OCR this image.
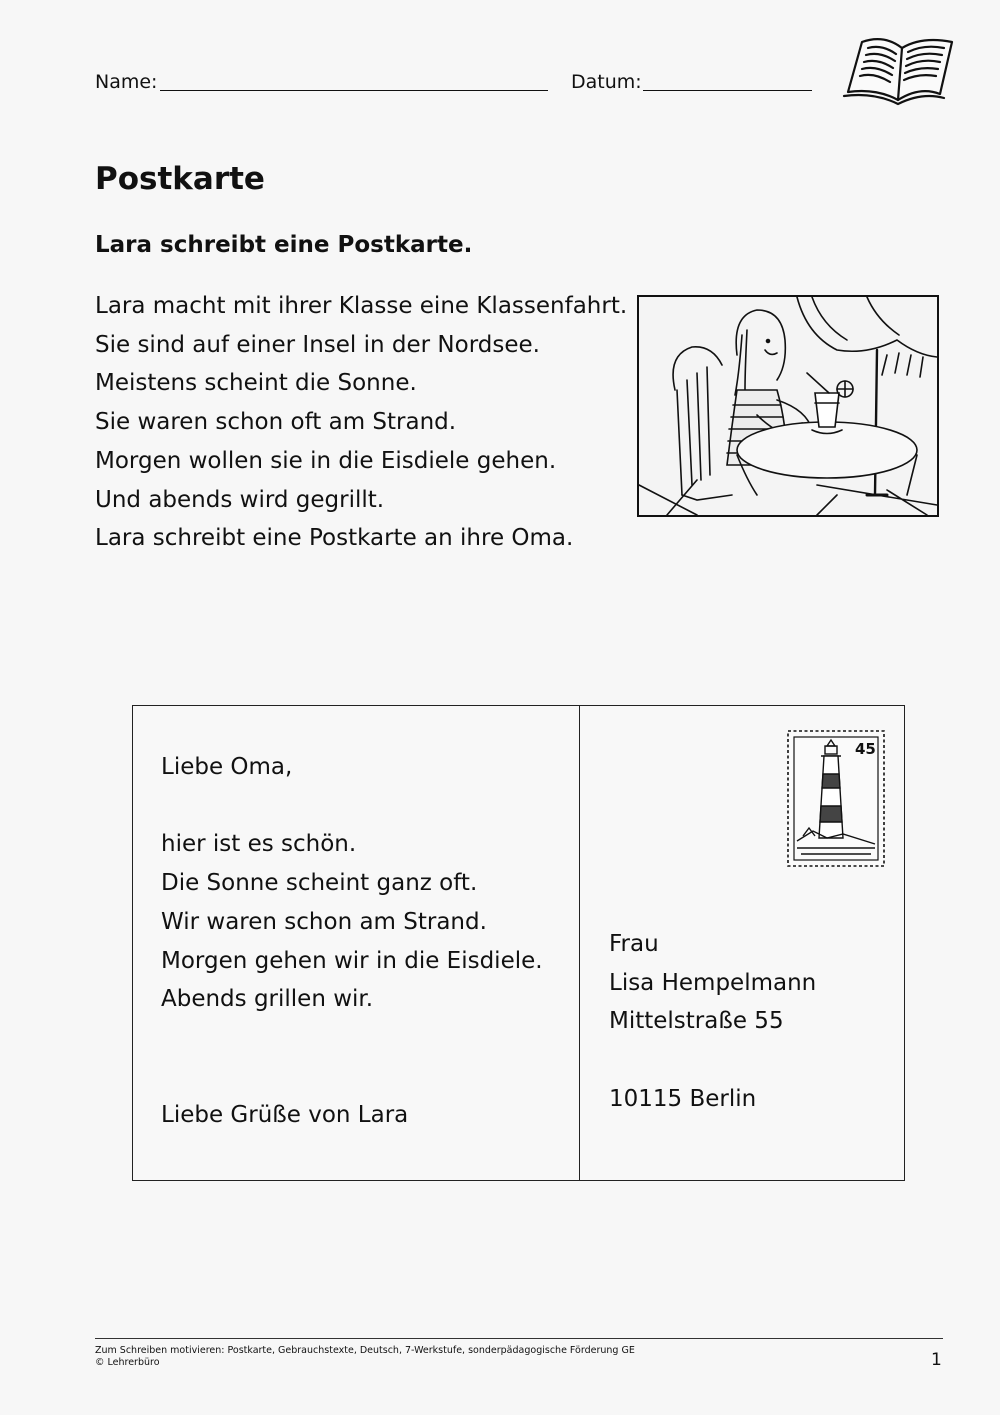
Name:	Datum:
Postkarte
Lara schreibt eine Postkarte.
Lara macht mit ihrer Klasse eine Klassenfahrt.
Sie sind auf einer Insel in der Nordsee.
Meistens scheint die Sonne.
Sie waren schon oft am Strand.
Morgen wollen sie in die Eisdiele gehen.
Und abends wird gegrillt.
Lara schreibt eine Postkarte an ihre Oma.
Liebe Oma,
hier ist es schön.
Die Sonne scheint ganz oft.
Wir waren schon am Strand.
Morgen gehen wir in die Eisdiele.
Abends grillen wir.
Liebe Grüße von Lara
45
Frau
Lisa Hempelmann
Mittelstraße 55
10115 Berlin
Zum Schreiben motivieren: Postkarte, Gebrauchstexte, Deutsch, 7-Werkstufe, sonderpädagogische Förderung GE
© Lehrerbüro	1
